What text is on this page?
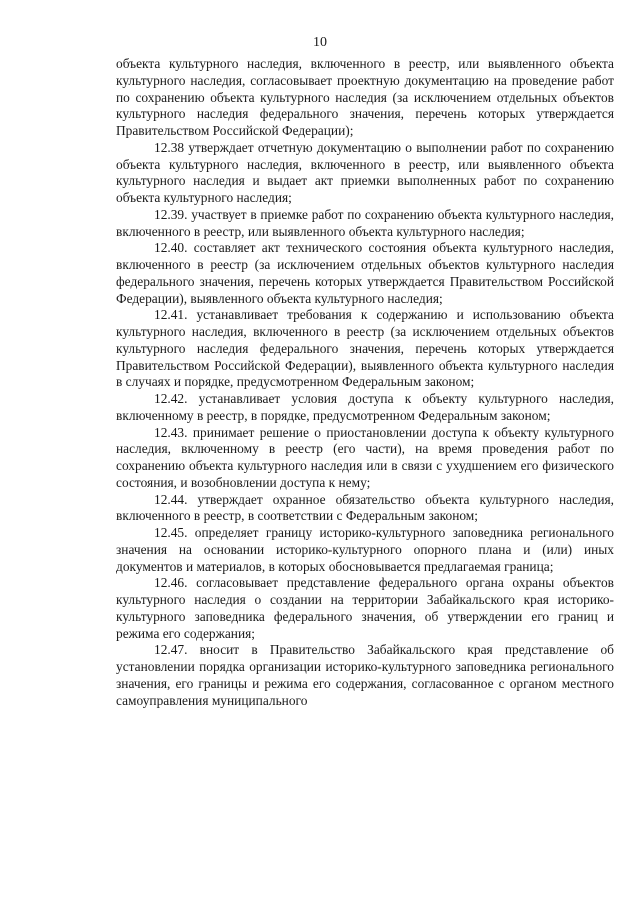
10

объекта культурного наследия, включенного в реестр, или выявленного объекта культурного наследия, согласовывает проектную документацию на проведение работ по сохранению объекта культурного наследия (за исключением отдельных объектов культурного наследия федерального значения, перечень которых утверждается Правительством Российской Федерации);

12.38 утверждает отчетную документацию о выполнении работ по сохранению объекта культурного наследия, включенного в реестр, или выявленного объекта культурного наследия и выдает акт приемки выполненных работ по сохранению объекта культурного наследия;

12.39. участвует в приемке работ по сохранению объекта культурного наследия, включенного в реестр, или выявленного объекта культурного наследия;

12.40. составляет акт технического состояния объекта культурного наследия, включенного в реестр (за исключением отдельных объектов культурного наследия федерального значения, перечень которых утверждается Правительством Российской Федерации), выявленного объекта культурного наследия;

12.41. устанавливает требования к содержанию и использованию объекта культурного наследия, включенного в реестр (за исключением отдельных объектов культурного наследия федерального значения, перечень которых утверждается Правительством Российской Федерации), выявленного объекта культурного наследия в случаях и порядке, предусмотренном Федеральным законом;

12.42. устанавливает условия доступа к объекту культурного наследия, включенному в реестр, в порядке, предусмотренном Федеральным законом;

12.43. принимает решение о приостановлении доступа к объекту культурного наследия, включенному в реестр (его части), на время проведения работ по сохранению объекта культурного наследия или в связи с ухудшением его физического состояния, и возобновлении доступа к нему;

12.44. утверждает охранное обязательство объекта культурного наследия, включенного в реестр, в соответствии с Федеральным законом;

12.45. определяет границу историко-культурного заповедника регионального значения на основании историко-культурного опорного плана и (или) иных документов и материалов, в которых обосновывается предлагаемая граница;

12.46. согласовывает представление федерального органа охраны объектов культурного наследия о создании на территории Забайкальского края историко-культурного заповедника федерального значения, об утверждении его границ и режима его содержания;

12.47. вносит в Правительство Забайкальского края представление об установлении порядка организации историко-культурного заповедника регионального значения, его границы и режима его содержания, согласованное с органом местного самоуправления муниципального
